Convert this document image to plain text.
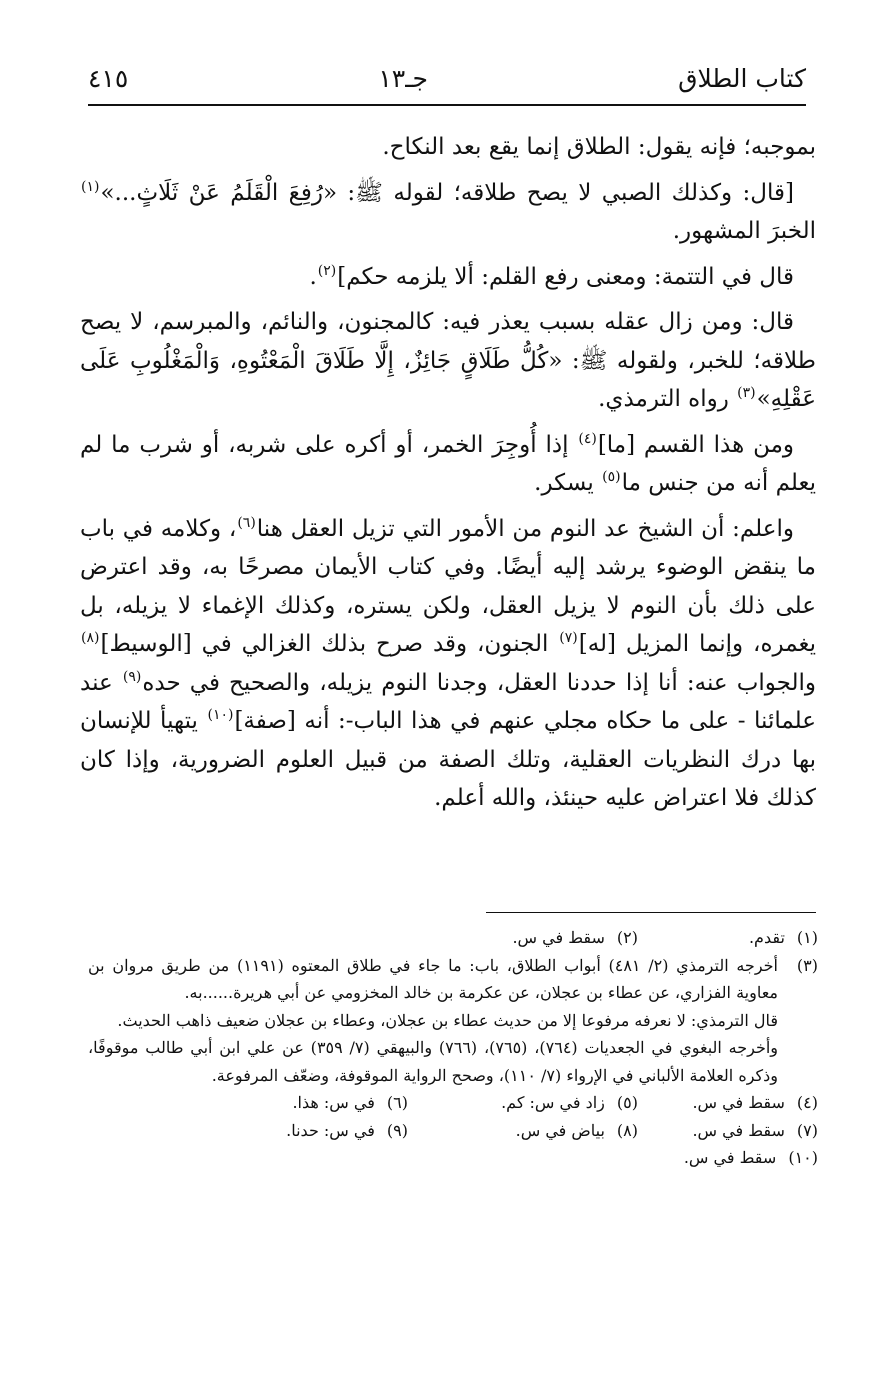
كتاب الطلاق
جـ١٣
٤١٥

بموجبه؛ فإنه يقول: الطلاق إنما يقع بعد النكاح.

[قال: وكذلك الصبي لا يصح طلاقه؛ لقوله ﷺ: «رُفِعَ الْقَلَمُ عَنْ ثَلَاثٍ...»$^{(١)}$ الخبرَ المشهور.

قال في التتمة: ومعنى رفع القلم: ألا يلزمه حكم]$^{(٢)}$.

قال: ومن زال عقله بسبب يعذر فيه: كالمجنون، والنائم، والمبرسم، لا يصح طلاقه؛ للخبر، ولقوله ﷺ: «كُلُّ طَلَاقٍ جَائِزٌ، إِلَّا طَلَاقَ الْمَعْتُوهِ، وَالْمَغْلُوبِ عَلَى عَقْلِهِ»$^{(٣)}$ رواه الترمذي.

ومن هذا القسم [ما]$^{(٤)}$ إذا أُوجِرَ الخمر، أو أكره على شربه، أو شرب ما لم يعلم أنه من جنس ما$^{(٥)}$ يسكر.

واعلم: أن الشيخ عد النوم من الأمور التي تزيل العقل هنا$^{(٦)}$، وكلامه في باب ما ينقض الوضوء يرشد إليه أيضًا. وفي كتاب الأيمان مصرحًا به، وقد اعترض على ذلك بأن النوم لا يزيل العقل، ولكن يستره، وكذلك الإغماء لا يزيله، بل يغمره، وإنما المزيل [له]$^{(٧)}$ الجنون، وقد صرح بذلك الغزالي في [الوسيط]$^{(٨)}$ والجواب عنه: أنا إذا حددنا العقل، وجدنا النوم يزيله، والصحيح في حده$^{(٩)}$ عند علمائنا - على ما حكاه مجلي عنهم في هذا الباب-: أنه [صفة]$^{(١٠)}$ يتهيأ للإنسان بها درك النظريات العقلية، وتلك الصفة من قبيل العلوم الضرورية، وإذا كان كذلك فلا اعتراض عليه حينئذ، والله أعلم.

(١)
تقدم.
(٢)
سقط في س.
(٣)
أخرجه الترمذي (٢/ ٤٨١) أبواب الطلاق، باب: ما جاء في طلاق المعتوه (١١٩١) من طريق مروان بن معاوية الفزاري، عن عطاء بن عجلان، عن عكرمة بن خالد المخزومي عن أبي هريرة......به.
قال الترمذي: لا نعرفه مرفوعا إلا من حديث عطاء بن عجلان، وعطاء بن عجلان ضعيف ذاهب الحديث.
وأخرجه البغوي في الجعديات (٧٦٤)، (٧٦٥)، (٧٦٦) والبيهقي (٧/ ٣٥٩) عن علي ابن أبي طالب موقوفًا، وذكره العلامة الألباني في الإرواء (٧/ ١١٠)، وصحح الرواية الموقوفة، وضعّف المرفوعة.
(٤)
سقط في س.
(٥)
زاد في س: كم.
(٦)
في س: هذا.
(٧)
سقط في س.
(٨)
بياض في س.
(٩)
في س: حدنا.
(١٠)
سقط في س.
